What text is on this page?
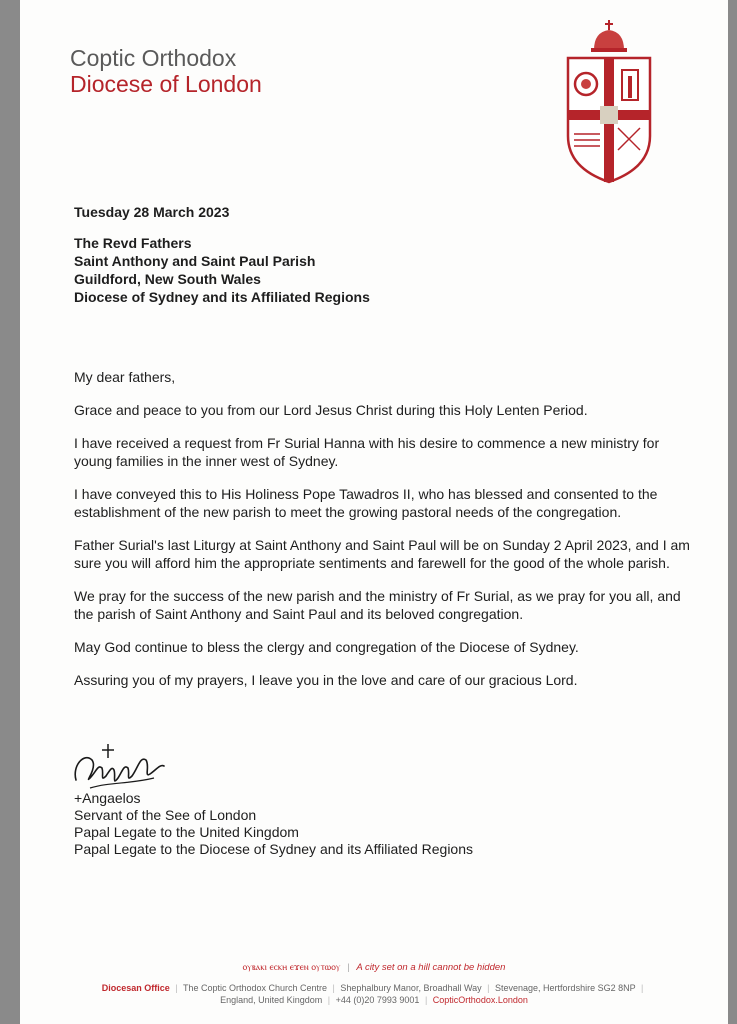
Coptic Orthodox
Diocese of London
Tuesday 28 March 2023
The Revd Fathers
Saint Anthony and Saint Paul Parish
Guildford, New South Wales
Diocese of Sydney and its Affiliated Regions

My dear fathers,

Grace and peace to you from our Lord Jesus Christ during this Holy Lenten Period.

I have received a request from Fr Surial Hanna with his desire to commence a new ministry for young families in the inner west of Sydney.

I have conveyed this to His Holiness Pope Tawadros II, who has blessed and consented to the establishment of the new parish to meet the growing pastoral needs of the congregation.

Father Surial's last Liturgy at Saint Anthony and Saint Paul will be on Sunday 2 April 2023, and I am sure you will afford him the appropriate sentiments and farewell for the good of the whole parish.

We pray for the success of the new parish and the ministry of Fr Surial, as we pray for you all, and the parish of Saint Anthony and Saint Paul and its beloved congregation.

May God continue to bless the clergy and congregation of the Diocese of Sydney.

Assuring you of my prayers, I leave you in the love and care of our gracious Lord.

+Angaelos
Servant of the See of London
Papal Legate to the United Kingdom
Papal Legate to the Diocese of Sydney and its Affiliated Regions
ⲟⲩⲃⲁⲕⲓ ⲉⲥⲕⲏ ⲉϫⲉⲛ ⲟⲩⲧⲱⲟⲩ | A city set on a hill cannot be hidden
Diocesan Office | The Coptic Orthodox Church Centre | Shephalbury Manor, Broadhall Way | Stevenage, Hertfordshire SG2 8NP |
England, United Kingdom | +44 (0)20 7993 9001 | CopticOrthodox.London
